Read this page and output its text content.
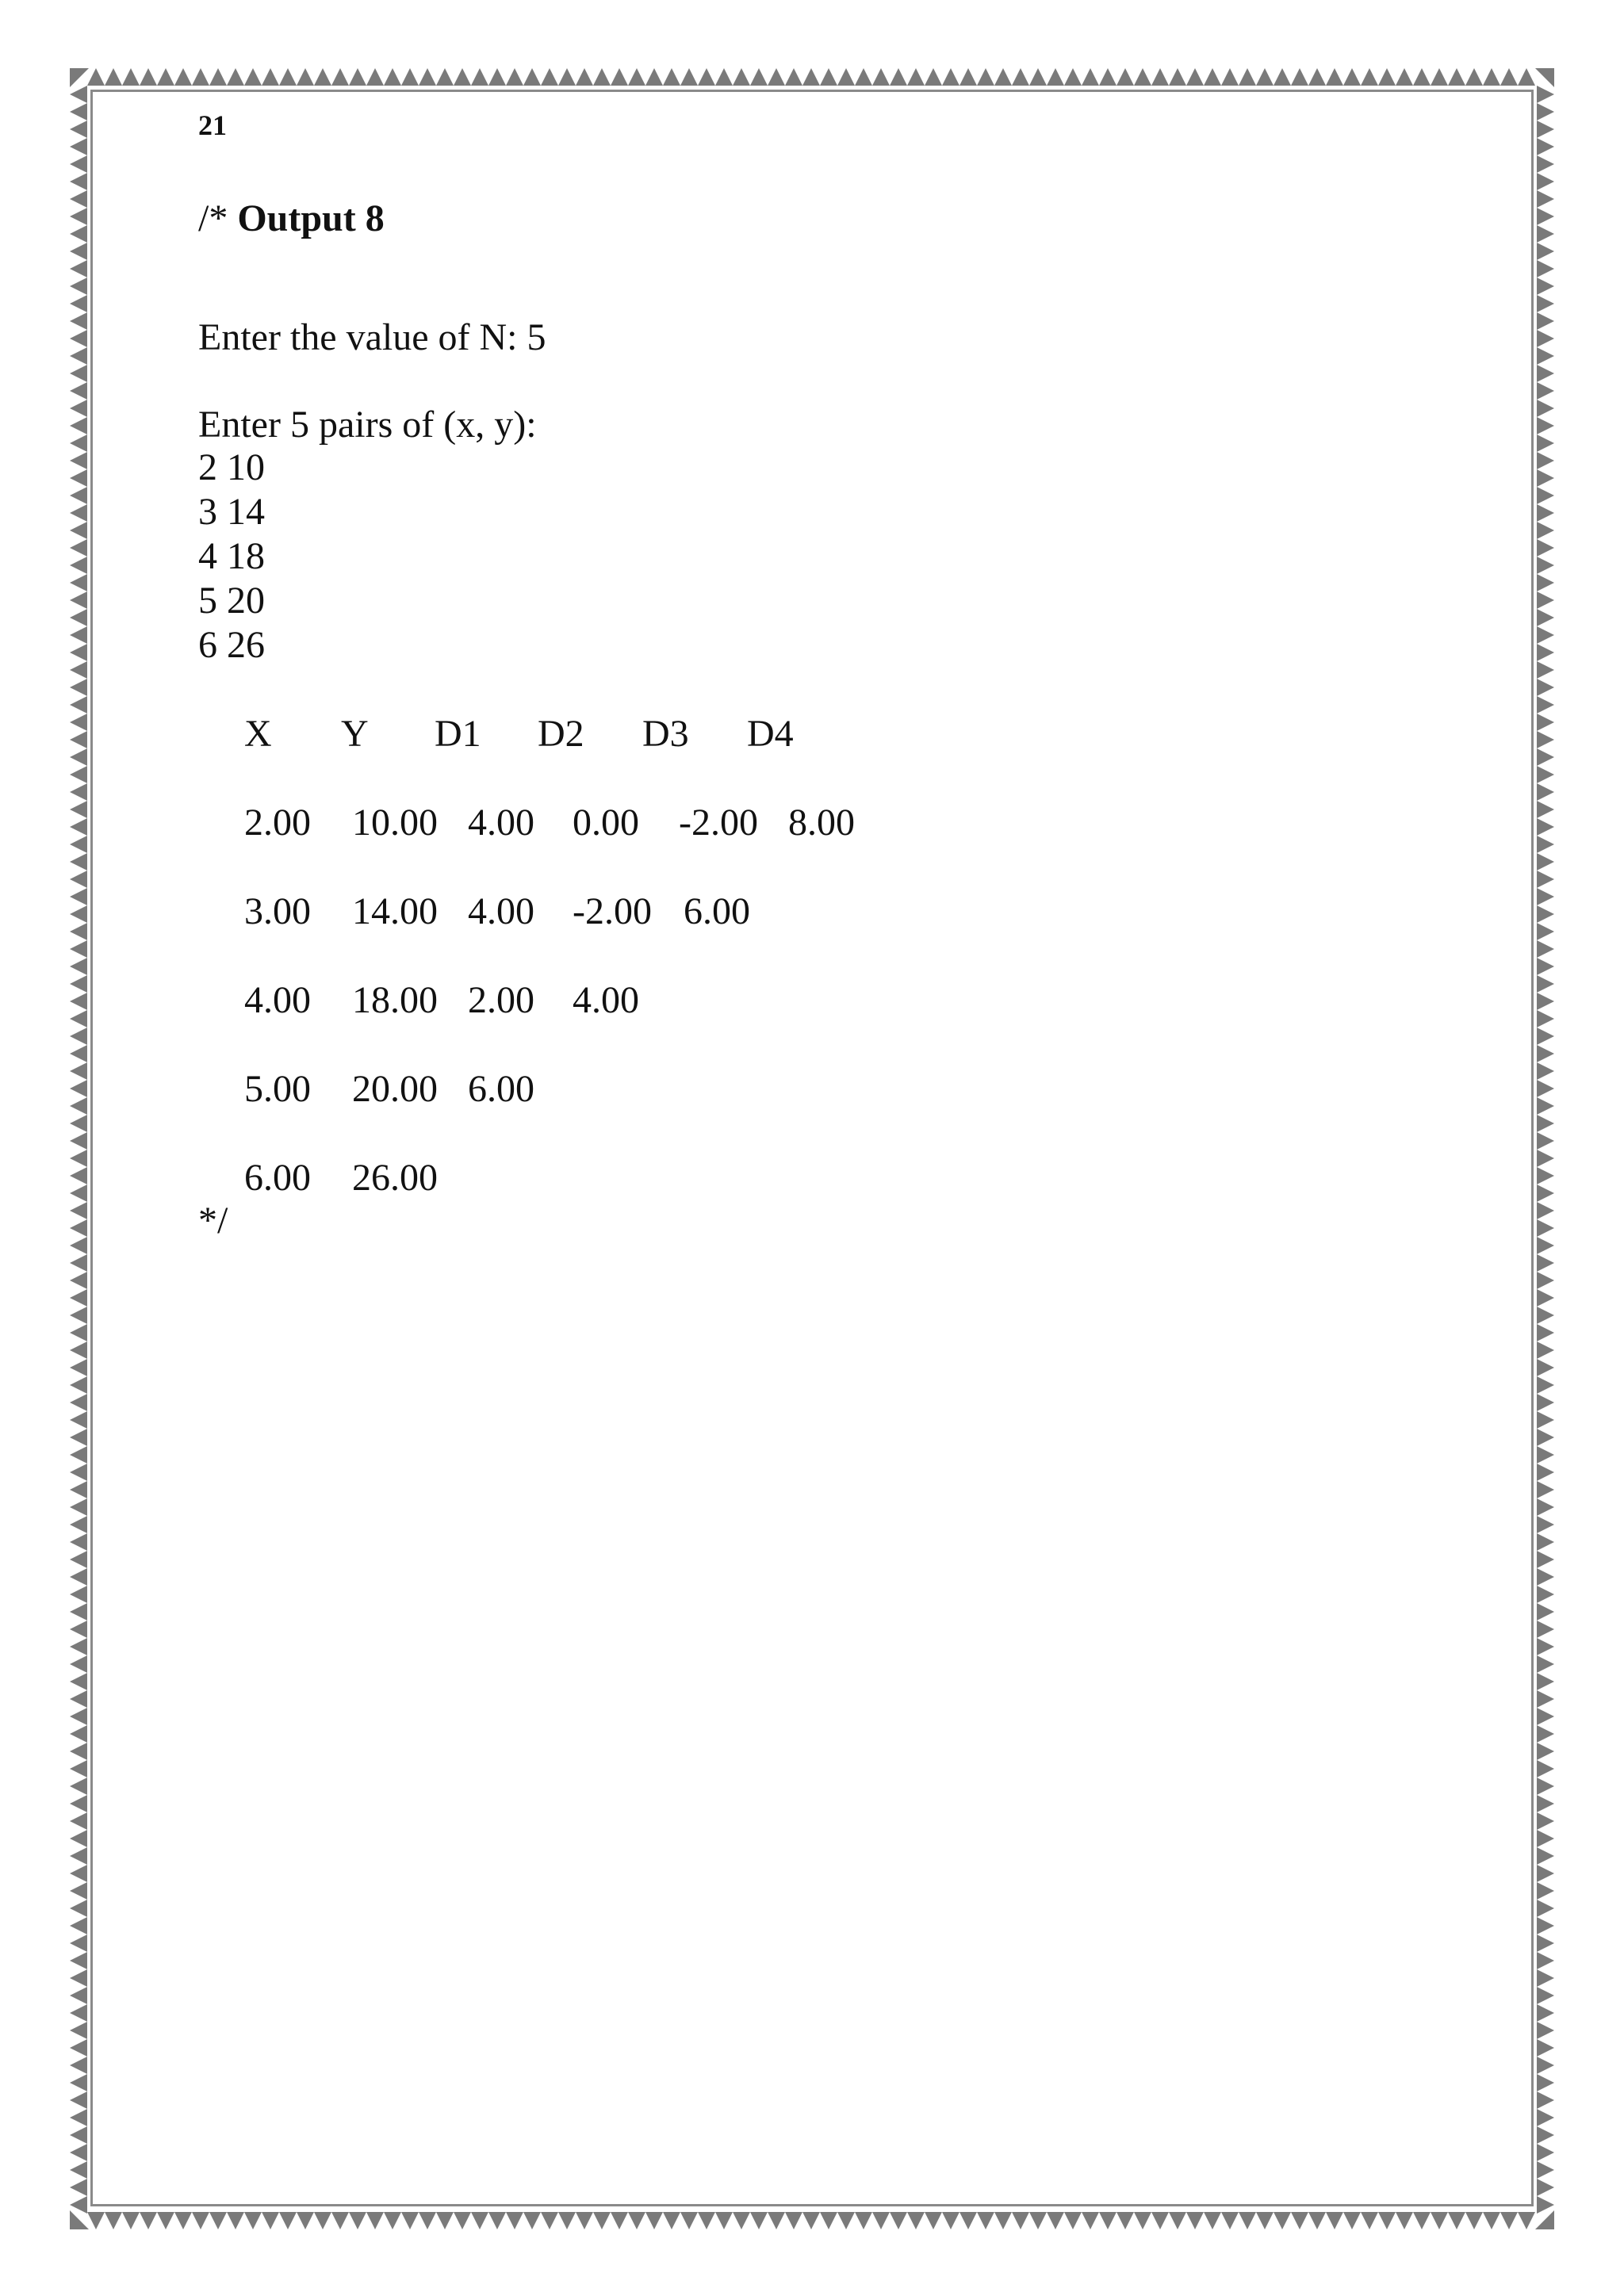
21
/* Output 8
Enter the value of N: 5
Enter 5 pairs of (x, y):
2 10
3 14
4 18
5 20
6 26
X Y D1 D2 D3 D4
2.00 10.00 4.00 0.00 -2.00 8.00
3.00 14.00 4.00 -2.00 6.00
4.00 18.00 2.00 4.00
5.00 20.00 6.00
6.00 26.00
*/
